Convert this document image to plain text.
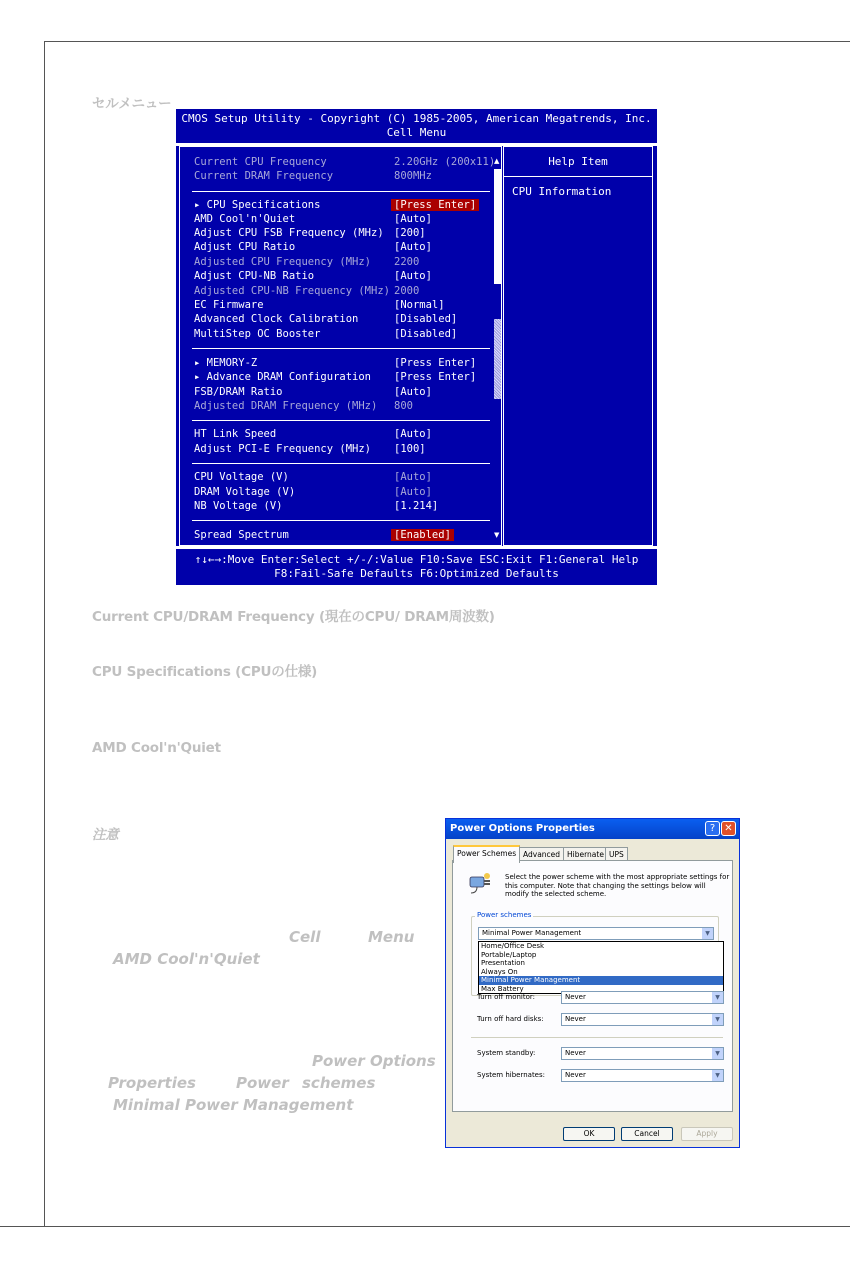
セルメニュー
CMOS Setup Utility - Copyright (C) 1985-2005, American Megatrends, Inc.
Cell Menu
Current CPU Frequency	2.20GHz (200x11)
Current DRAM Frequency	800MHz
▸ CPU Specifications	[Press Enter]
AMD Cool'n'Quiet	[Auto]
Adjust CPU FSB Frequency (MHz) [200]
Adjust CPU Ratio	[Auto]
Adjusted CPU Frequency (MHz) 2200
Adjust CPU-NB Ratio	[Auto]
Adjusted CPU-NB Frequency (MHz) 2000
EC Firmware	[Normal]
Advanced Clock Calibration	[Disabled]
MultiStep OC Booster	[Disabled]
▸ MEMORY-Z	[Press Enter]
▸ Advance DRAM Configuration [Press Enter]
FSB/DRAM Ratio	[Auto]
Adjusted DRAM Frequency (MHz) 800
HT Link Speed	[Auto]
Adjust PCI-E Frequency (MHz) [100]
CPU Voltage (V)	[Auto]
DRAM Voltage (V)	[Auto]
NB Voltage (V)	[1.214]
Spread Spectrum	[Enabled]
▲
▼
Help Item
CPU Information
↑↓←→:Move Enter:Select +/-/:Value F10:Save ESC:Exit F1:General Help
F8:Fail-Safe Defaults F6:Optimized Defaults
Current CPU/DRAM Frequency (現在のCPU/ DRAM周波数)
CPU Specifications (CPUの仕様)
AMD Cool'n'Quiet
注意
Cell	Menu
AMD Cool'n'Quiet
Power Options
Properties	Power schemes
Minimal Power Management
Power Options Properties	? ✕
Power Schemes Advanced Hibernate UPS
Select the power scheme with the most appropriate settings for this computer. Note that changing the settings below will modify the selected scheme.
Power schemes
Minimal Power Management	▼
Home/Office Desk
Portable/Laptop
Presentation
Always On
Minimal Power Management
Max Battery
Turn off monitor:	Never	▼
Turn off hard disks:	Never	▼
System standby:	Never	▼
System hibernates:	Never	▼
OK	Cancel	Apply
